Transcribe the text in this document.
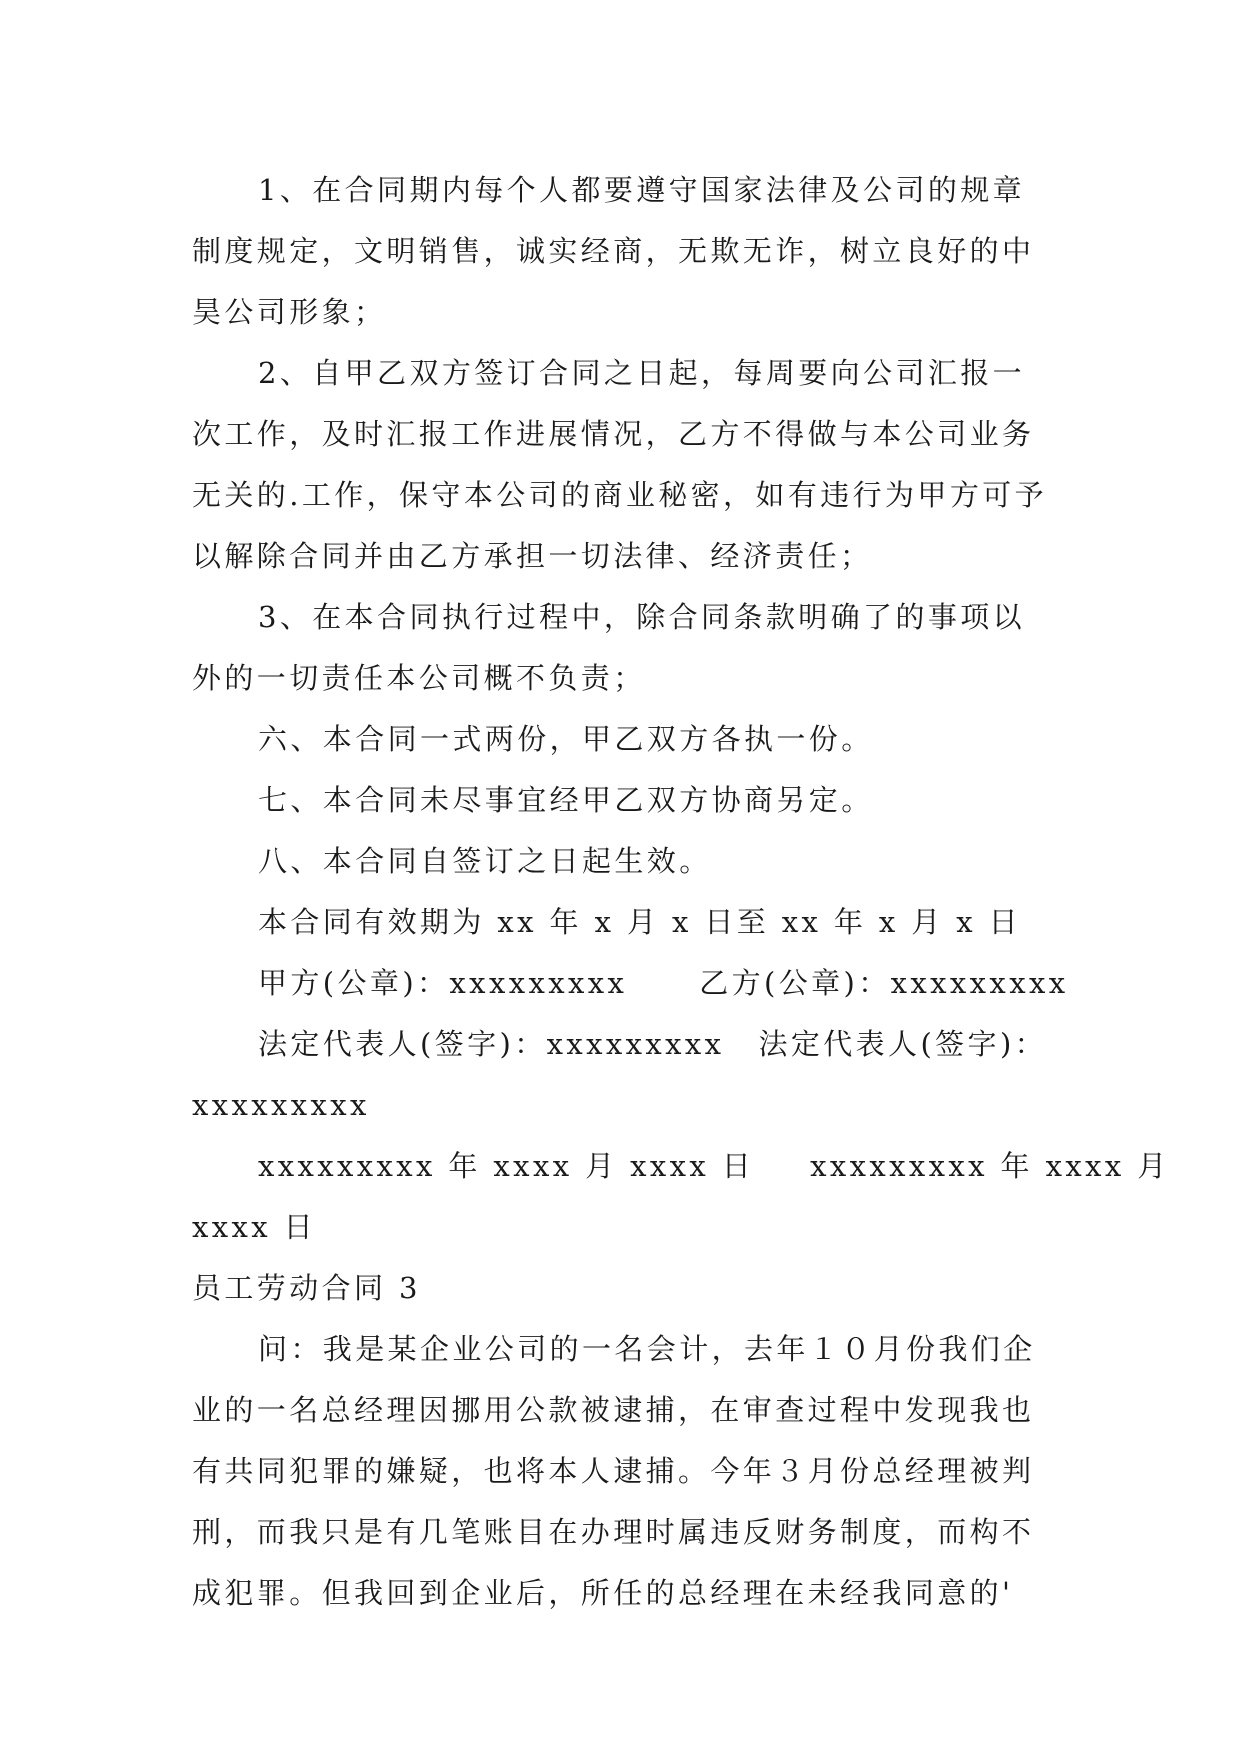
1、在合同期内每个人都要遵守国家法律及公司的规章制度规定，文明销售，诚实经商，无欺无诈，树立良好的中昊公司形象；

2、自甲乙双方签订合同之日起，每周要向公司汇报一次工作，及时汇报工作进展情况，乙方不得做与本公司业务无关的.工作，保守本公司的商业秘密，如有违行为甲方可予以解除合同并由乙方承担一切法律、经济责任；

3、在本合同执行过程中，除合同条款明确了的事项以外的一切责任本公司概不负责；

六、本合同一式两份，甲乙双方各执一份。

七、本合同未尽事宜经甲乙双方协商另定。

八、本合同自签订之日起生效。

本合同有效期为 xx 年 x 月 x 日至 xx 年 x 月 x 日

甲方(公章)：xxxxxxxxx 乙方(公章)：xxxxxxxxx

法定代表人(签字)：xxxxxxxxx 法定代表人(签字)：

xxxxxxxxx

xxxxxxxxx 年 xxxx 月 xxxx 日 xxxxxxxxx 年 xxxx 月

xxxx 日

员工劳动合同 3

问：我是某企业公司的一名会计，去年１０月份我们企业的一名总经理因挪用公款被逮捕，在审查过程中发现我也有共同犯罪的嫌疑，也将本人逮捕。今年３月份总经理被判刑，而我只是有几笔账目在办理时属违反财务制度，而构不成犯罪。但我回到企业后，所任的总经理在未经我同意的'
